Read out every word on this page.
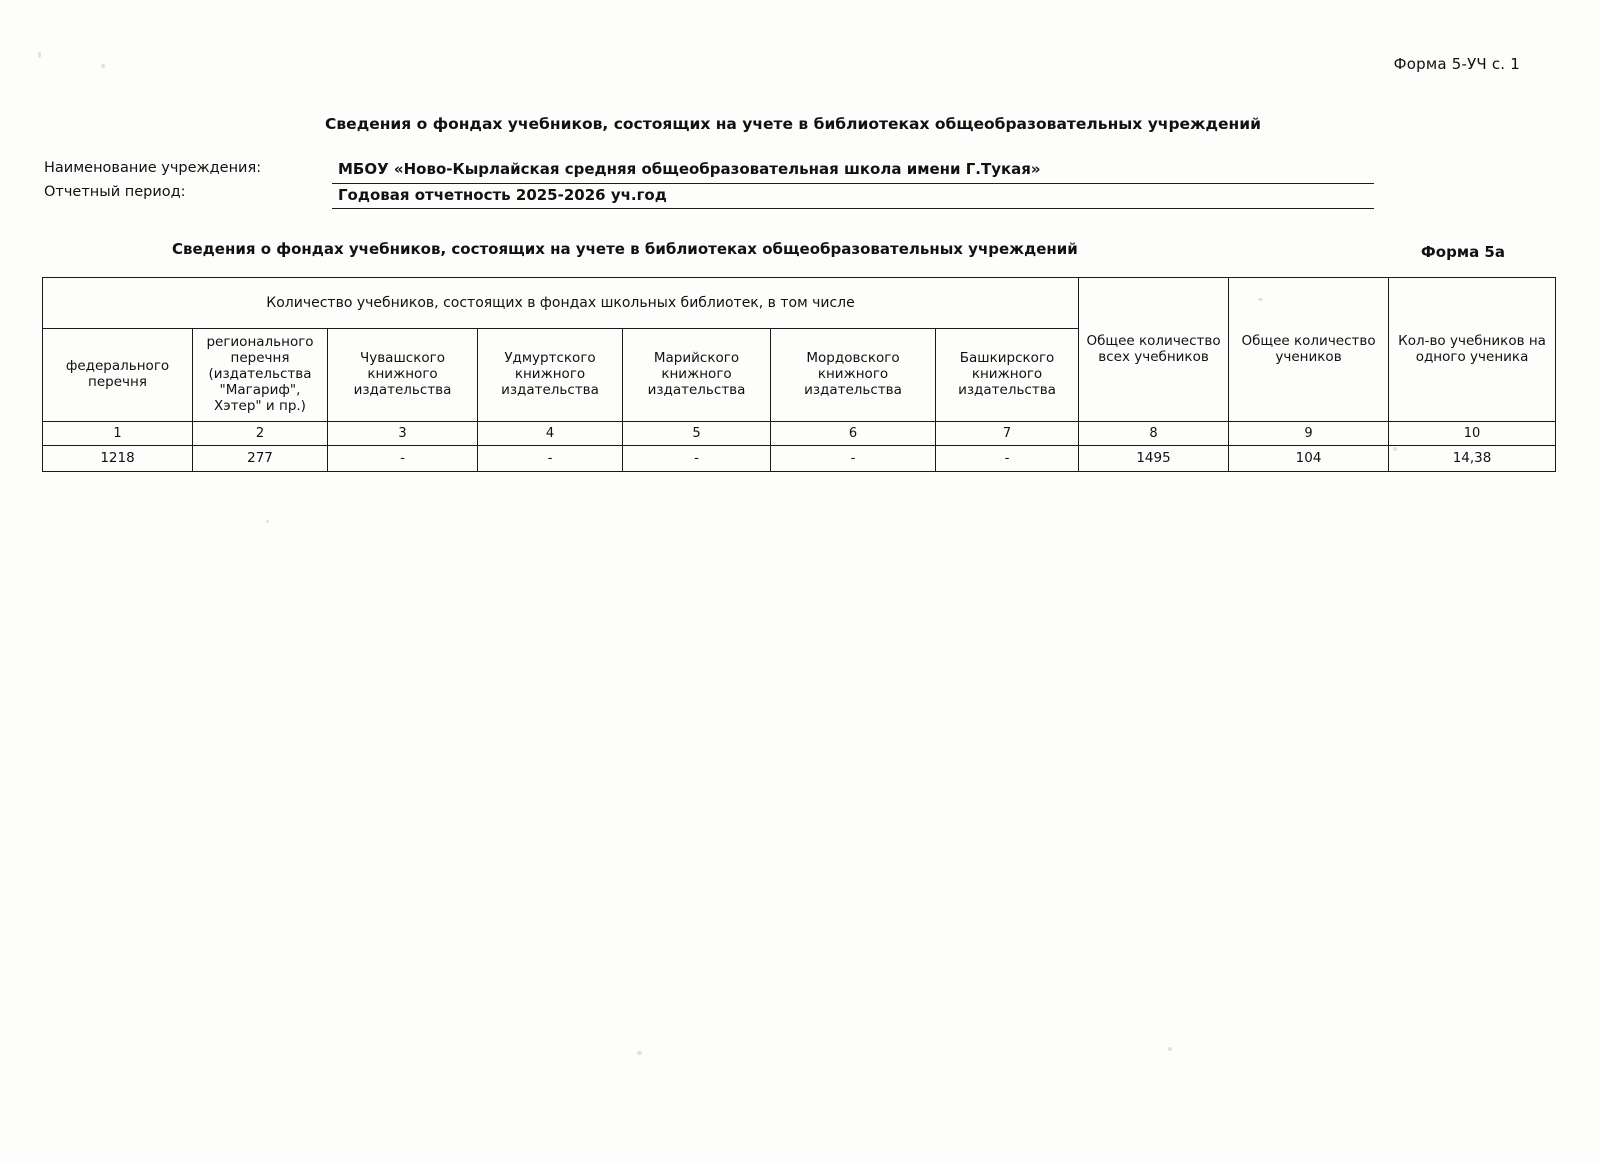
Форма 5-УЧ с. 1
Сведения о фондах учебников, состоящих на учете в библиотеках общеобразовательных учреждений
Наименование учреждения:	МБОУ «Ново-Кырлайская средняя общеобразовательная школа имени Г.Тукая»
Отчетный период:	Годовая отчетность 2025-2026 уч.год
Сведения о фондах учебников, состоящих на учете в библиотеках общеобразовательных учреждений	Форма 5а
Количество учебников, состоящих в фондах школьных библиотек, в том числе							Общее количество всех учебников	Общее количество учеников	Кол-во учебников на одного ученика
федерального перечня	регионального перечня (издательства "Магариф", Хэтер" и пр.)	Чувашского книжного издательства	Удмуртского книжного издательства	Марийского книжного издательства	Мордовского книжного издательства	Башкирского книжного издательства			
1	2	3	4	5	6	7	8	9	10
1218	277	-	-	-	-	-	1495	104	14,38
